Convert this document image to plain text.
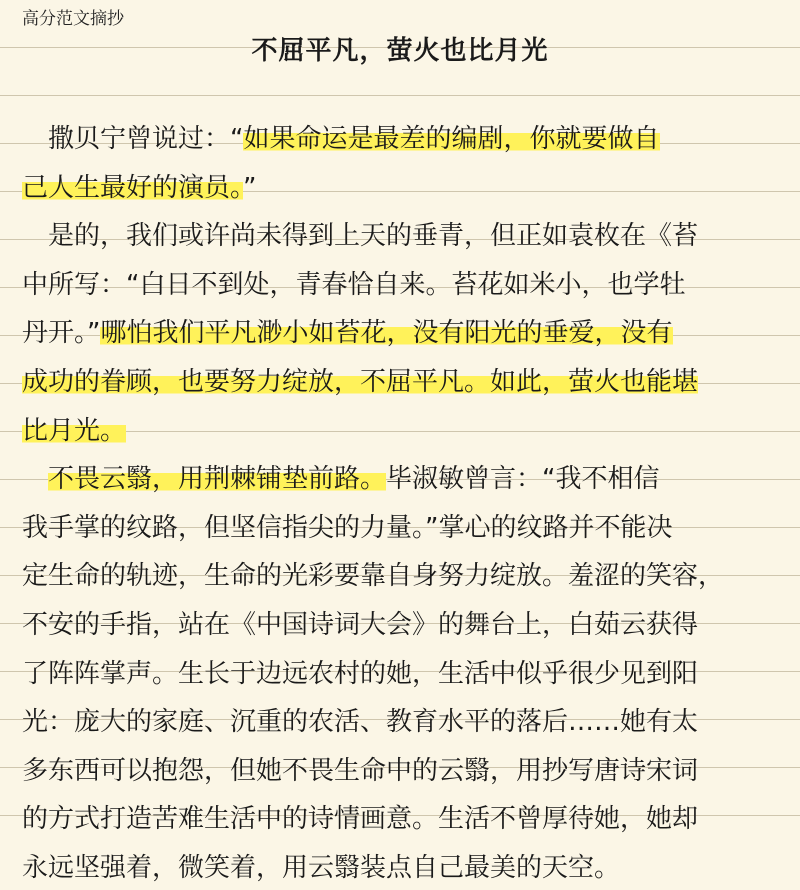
高分范文摘抄
不屈平凡，萤火也比月光
　撒贝宁曾说过：“如果命运是最差的编剧，你就要做自
己人生最好的演员。”
　是的，我们或许尚未得到上天的垂青，但正如袁枚在《苔
中所写：“白日不到处，青春恰自来。苔花如米小，也学牡
丹开。”哪怕我们平凡渺小如苔花，没有阳光的垂爱，没有
成功的眷顾，也要努力绽放，不屈平凡。如此，萤火也能堪
比月光。
　不畏云翳，用荆棘铺垫前路。毕淑敏曾言：“我不相信
我手掌的纹路，但坚信指尖的力量。”掌心的纹路并不能决
定生命的轨迹，生命的光彩要靠自身努力绽放。羞涩的笑容，
不安的手指，站在《中国诗词大会》的舞台上，白茹云获得
了阵阵掌声。生长于边远农村的她，生活中似乎很少见到阳
光：庞大的家庭、沉重的农活、教育水平的落后……她有太
多东西可以抱怨，但她不畏生命中的云翳，用抄写唐诗宋词
的方式打造苦难生活中的诗情画意。生活不曾厚待她，她却
永远坚强着，微笑着，用云翳装点自己最美的天空。
